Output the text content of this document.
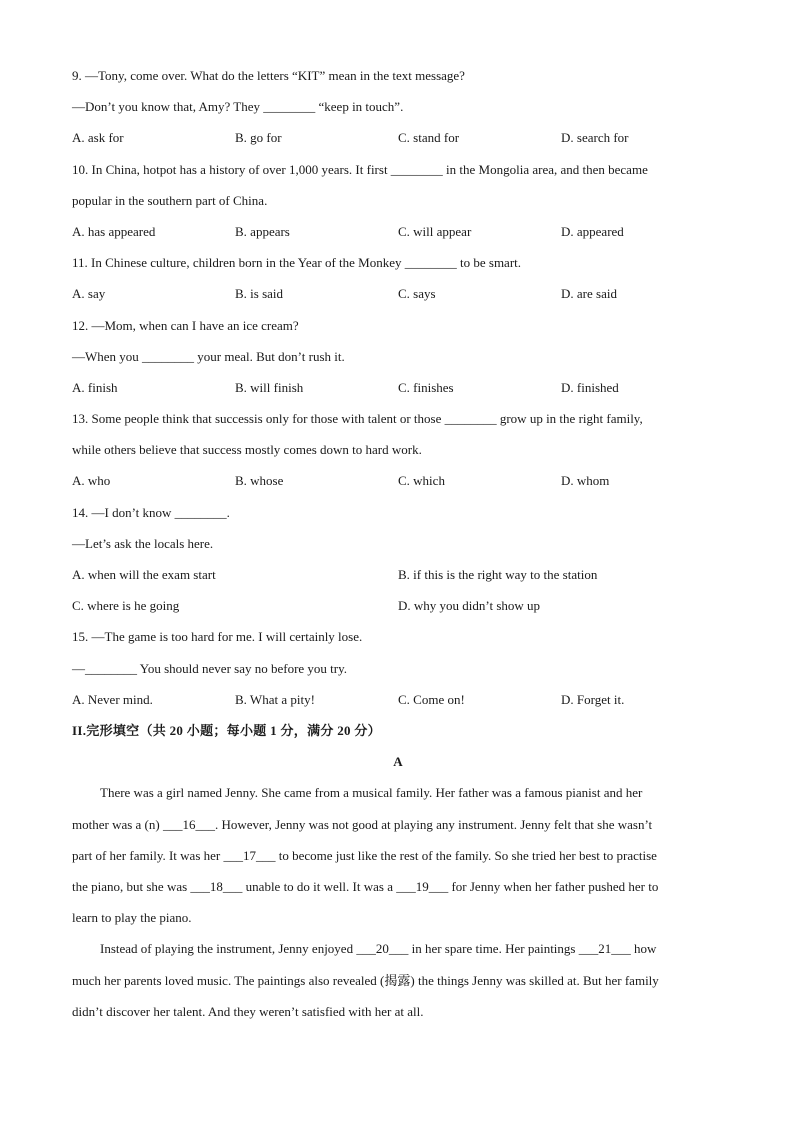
9. —Tony, come over. What do the letters “KIT” mean in the text message?
—Don’t you know that, Amy? They ________ “keep in touch”.
A. ask for	B. go for	C. stand for	D. search for
10. In China, hotpot has a history of over 1,000 years. It first ________ in the Mongolia area, and then became
popular in the southern part of China.
A. has appeared	B. appears	C. will appear	D. appeared
11. In Chinese culture, children born in the Year of the Monkey ________ to be smart.
A. say	B. is said	C. says	D. are said
12. —Mom, when can I have an ice cream?
—When you ________ your meal. But don’t rush it.
A. finish	B. will finish	C. finishes	D. finished
13. Some people think that successis only for those with talent or those ________ grow up in the right family,
while others believe that success mostly comes down to hard work.
A. who	B. whose	C. which	D. whom
14. —I don’t know ________.
—Let’s ask the locals here.
A. when will the exam start	B. if this is the right way to the station
C. where is he going	D. why you didn’t show up
15. —The game is too hard for me. I will certainly lose.
—________ You should never say no before you try.
A. Never mind.	B. What a pity!	C. Come on!	D. Forget it.
II.完形填空（共 20 小题；每小题 1 分，满分 20 分）
A

There was a girl named Jenny. She came from a musical family. Her father was a famous pianist and her

mother was a (n) ___16___. However, Jenny was not good at playing any instrument. Jenny felt that she wasn’t

part of her family. It was her ___17___ to become just like the rest of the family. So she tried her best to practise

the piano, but she was ___18___ unable to do it well. It was a ___19___ for Jenny when her father pushed her to

learn to play the piano.

Instead of playing the instrument, Jenny enjoyed ___20___ in her spare time. Her paintings ___21___ how

much her parents loved music. The paintings also revealed (揭露) the things Jenny was skilled at. But her family

didn’t discover her talent. And they weren’t satisfied with her at all.
